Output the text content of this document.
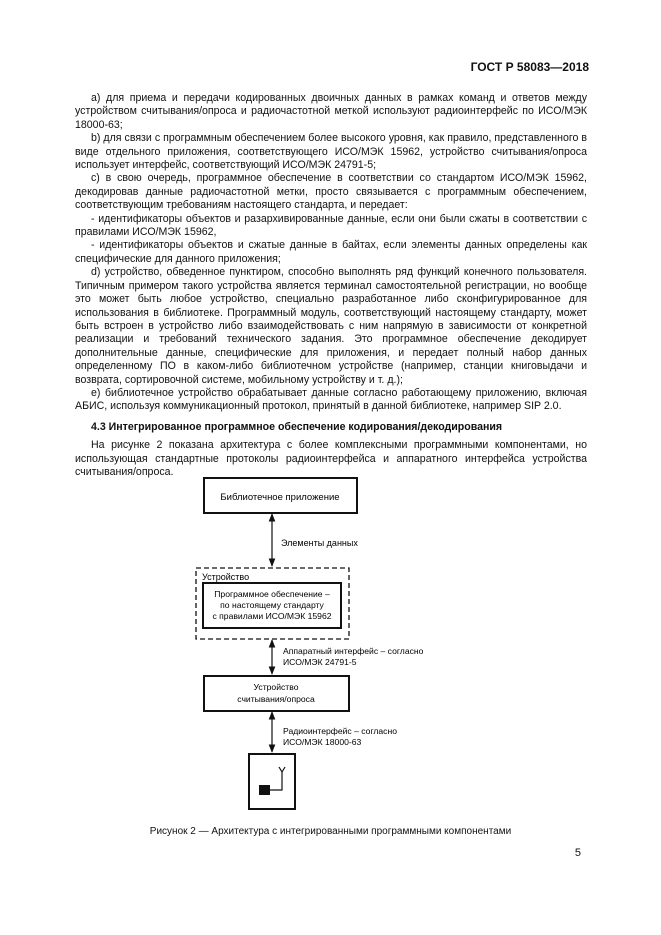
ГОСТ Р 58083—2018

а) для приема и передачи кодированных двоичных данных в рамках команд и ответов между устройством считывания/опроса и радиочастотной меткой используют радиоинтерфейс по ИСО/МЭК 18000-63;

b) для связи с программным обеспечением более высокого уровня, как правило, представленного в виде отдельного приложения, соответствующего ИСО/МЭК 15962, устройство считывания/опроса использует интерфейс, соответствующий ИСО/МЭК 24791-5;

c) в свою очередь, программное обеспечение в соответствии со стандартом ИСО/МЭК 15962, декодировав данные радиочастотной метки, просто связывается с программным обеспечением, соответствующим требованиям настоящего стандарта, и передает:

- идентификаторы объектов и разархивированные данные, если они были сжаты в соответствии с правилами ИСО/МЭК 15962,

- идентификаторы объектов и сжатые данные в байтах, если элементы данных определены как специфические для данного приложения;

d) устройство, обведенное пунктиром, способно выполнять ряд функций конечного пользователя. Типичным примером такого устройства является терминал самостоятельной регистрации, но вообще это может быть любое устройство, специально разработанное либо сконфигурированное для использования в библиотеке. Программный модуль, соответствующий настоящему стандарту, может быть встроен в устройство либо взаимодействовать с ним напрямую в зависимости от конкретной реализации и требований технического задания. Это программное обеспечение декодирует дополнительные данные, специфические для приложения, и передает полный набор данных определенному ПО в каком-либо библиотечном устройстве (например, станции книговыдачи и возврата, сортировочной системе, мобильному устройству и т. д.);

e) библиотечное устройство обрабатывает данные согласно работающему приложению, включая АБИС, используя коммуникационный протокол, принятый в данной библиотеке, например SIP 2.0.

4.3 Интегрированное программное обеспечение кодирования/декодирования

На рисунке 2 показана архитектура с более комплексными программными компонентами, но использующая стандартные протоколы радиоинтерфейса и аппаратного интерфейса устройства считывания/опроса.

Библиотечное приложение
Элементы данных
Устройство
Программное обеспечение –
по настоящему стандарту
с правилами ИСО/МЭК 15962
Аппаратный интерфейс – согласно
ИСО/МЭК 24791-5
Устройство
считывания/опроса
Радиоинтерфейс – согласно
ИСО/МЭК 18000-63
Рисунок 2 — Архитектура с интегрированными программными компонентами
5
